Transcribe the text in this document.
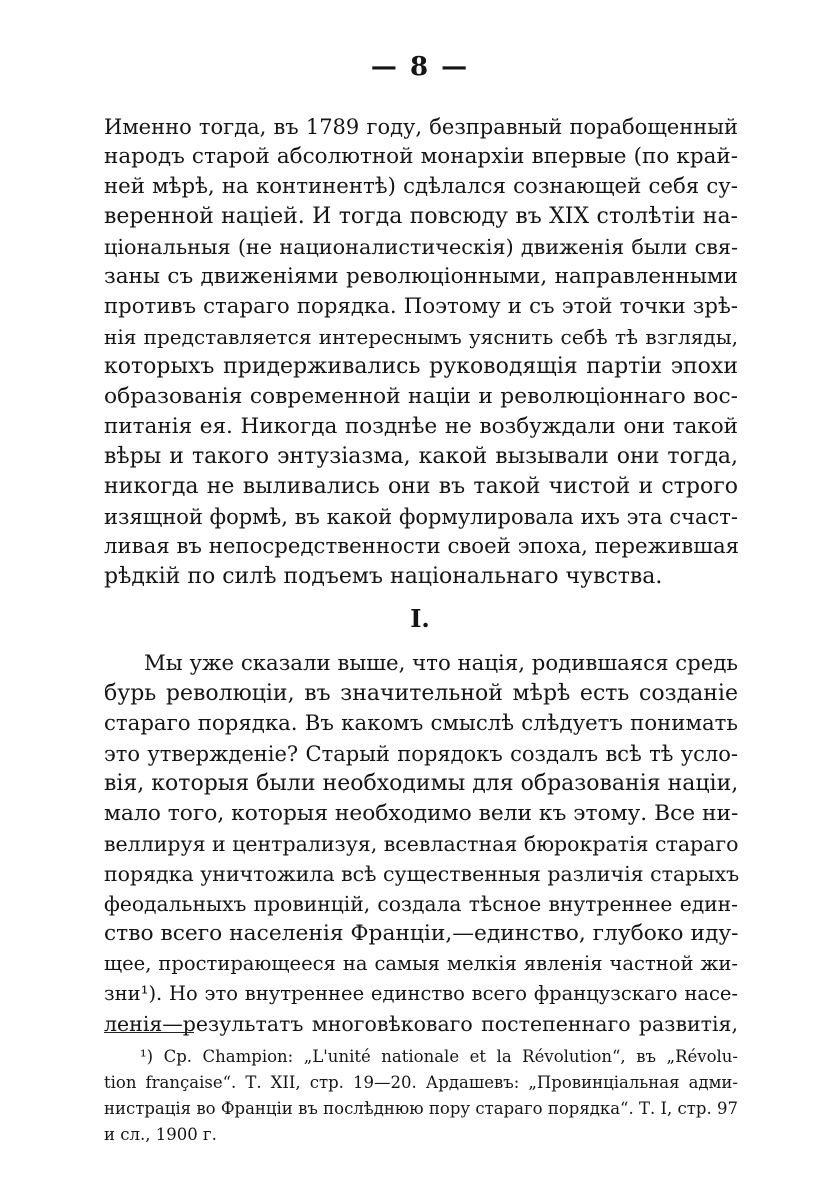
— 8 —
Именно тогда, въ 1789 году, безправный порабощенный
народъ старой абсолютной монархіи впервые (по край-
ней мѣрѣ, на континентѣ) сдѣлался сознающей себя су-
веренной націей. И тогда повсюду въ XIX столѣтіи на-
ціональныя (не националистическія) движенія были свя-
заны съ движеніями революціонными, направленными
противъ стараго порядка. Поэтому и съ этой точки зрѣ-
нія представляется интереснымъ уяснить себѣ тѣ взгляды,
которыхъ придерживались руководящія партіи эпохи
образованія современной націи и революціоннаго вос-
питанія ея. Никогда позднѣе не возбуждали они такой
вѣры и такого энтузіазма, какой вызывали они тогда,
никогда не выливались они въ такой чистой и строго
изящной формѣ, въ какой формулировала ихъ эта счаст-
ливая въ непосредственности своей эпоха, пережившая
рѣдкій по силѣ подъемъ національнаго чувства.
I.
Мы уже сказали выше, что нація, родившаяся средь
бурь революціи, въ значительной мѣрѣ есть созданіе
стараго порядка. Въ какомъ смыслѣ слѣдуетъ понимать
это утвержденіе? Старый порядокъ создалъ всѣ тѣ усло-
вія, которыя были необходимы для образованія націи,
мало того, которыя необходимо вели къ этому. Все ни-
веллируя и централизуя, всевластная бюрократія стараго
порядка уничтожила всѣ существенныя различія старыхъ
феодальныхъ провинцій, создала тѣсное внутреннее един-
ство всего населенія Франціи,—единство, глубоко иду-
щее, простирающееся на самыя мелкія явленія частной жи-
зни¹). Но это внутреннее единство всего французскаго насе-
ленія—результатъ многовѣковаго постепеннаго развитія,
¹) Ср. Champion: „L'unité nationale et la Révolution“, въ „Révolu-
tion française“. Т. XII, стр. 19—20. Ардашевъ: „Провинціальная адми-
нистрація во Франціи въ послѣднюю пору стараго порядка“. Т. I, стр. 97
и сл., 1900 г.
